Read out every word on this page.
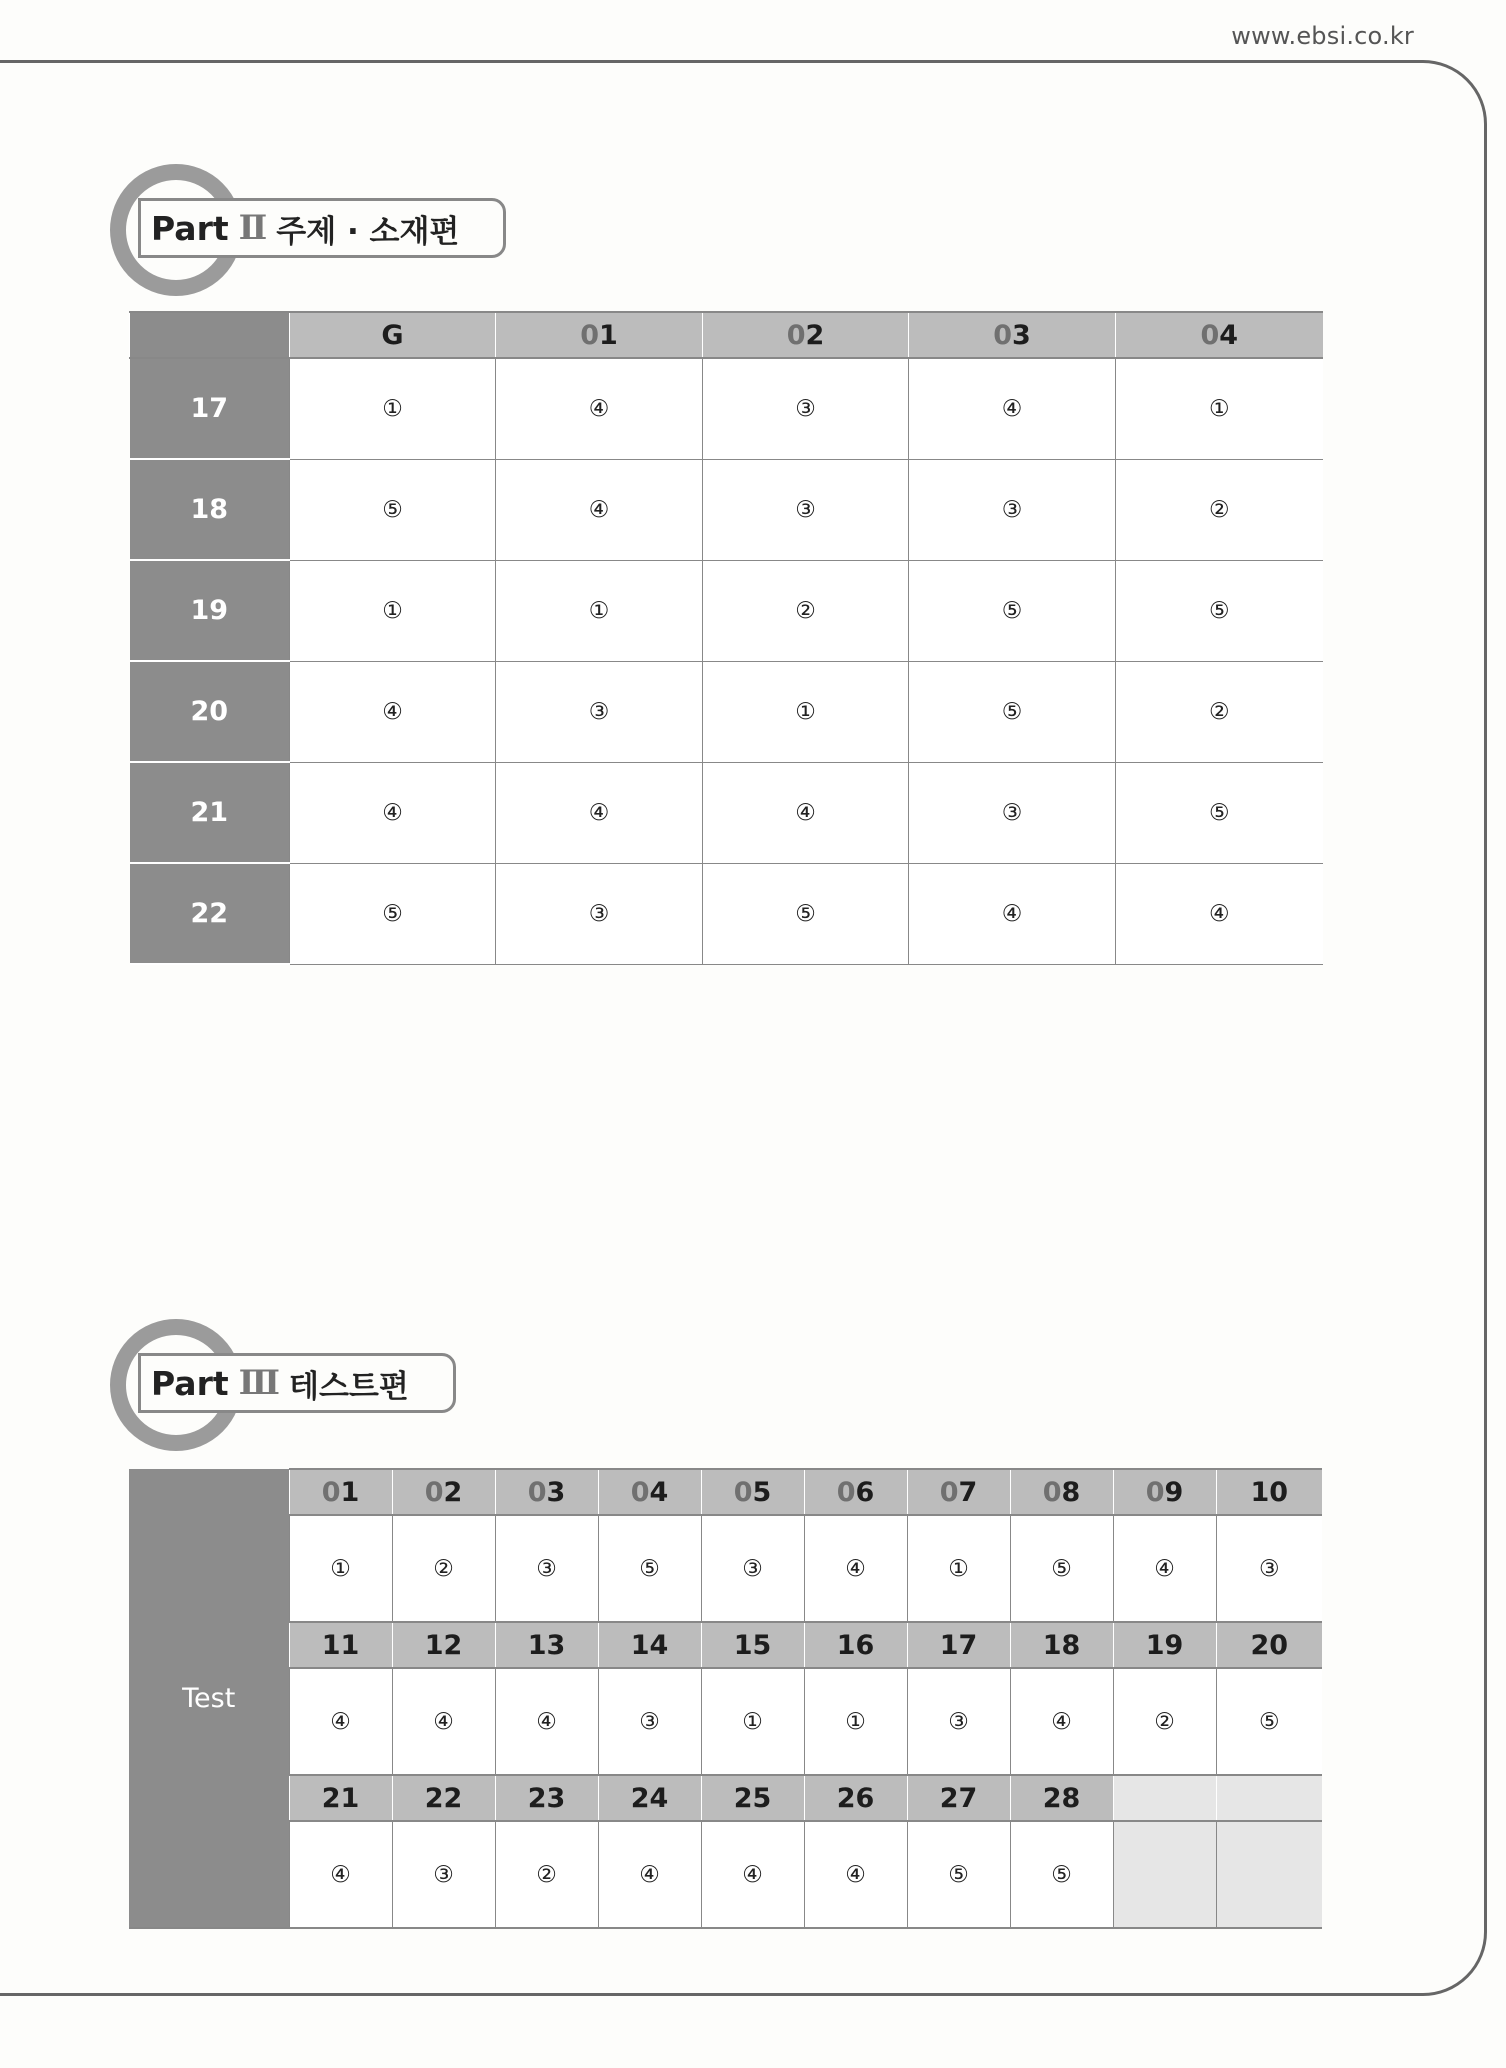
www.ebsi.co.kr
Part Ⅱ 주제 · 소재편
	G	01	02	03	04
17	①	④	③	④	①
18	⑤	④	③	③	②
19	①	①	②	⑤	⑤
20	④	③	①	⑤	②
21	④	④	④	③	⑤
22	⑤	③	⑤	④	④
Part Ⅲ 테스트편
Test	01	02	03	04	05	06	07	08	09	10
	①	②	③	⑤	③	④	①	⑤	④	③
	11	12	13	14	15	16	17	18	19	20
	④	④	④	③	①	①	③	④	②	⑤
	21	22	23	24	25	26	27	28		
	④	③	②	④	④	④	⑤	⑤		
